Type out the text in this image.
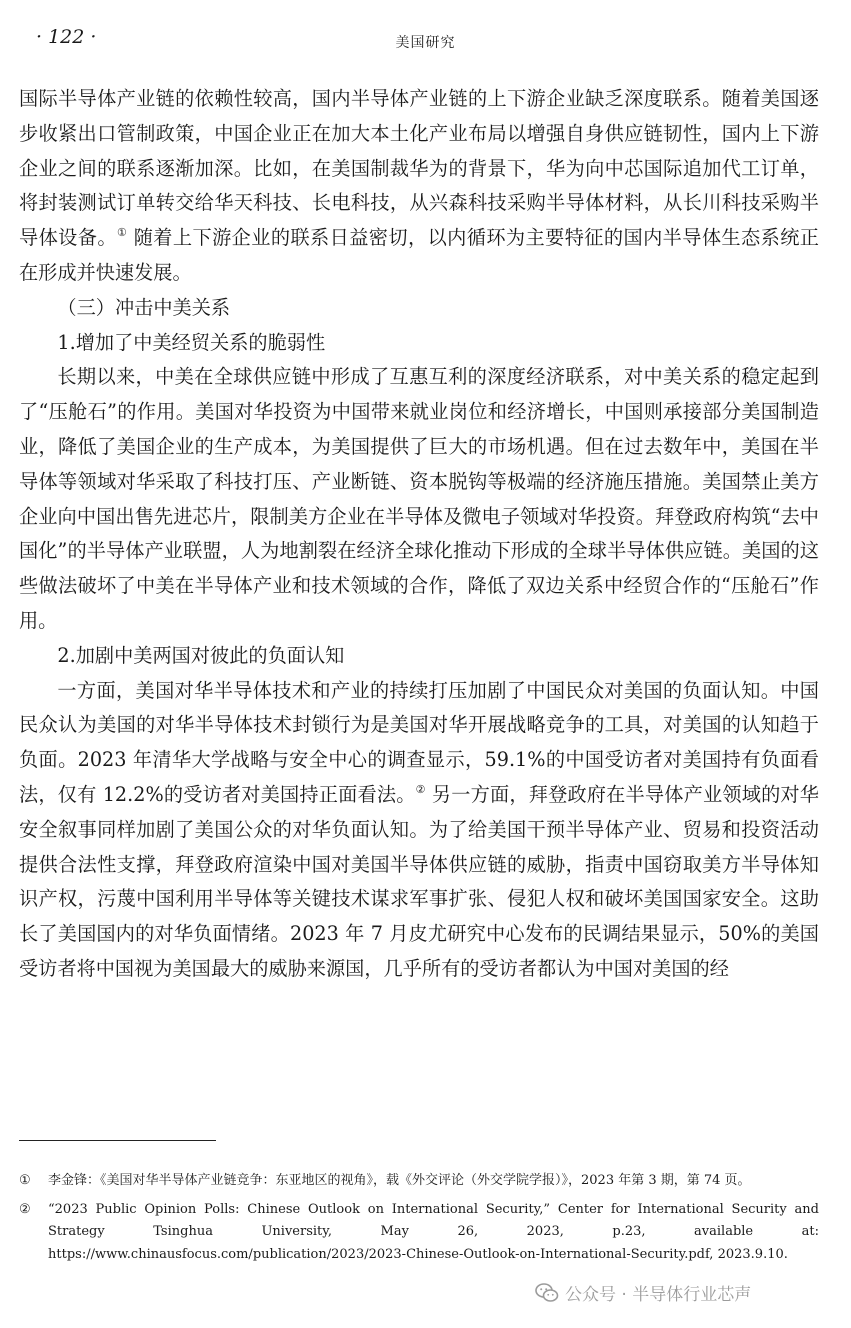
· 122 ·	美国研究

国际半导体产业链的依赖性较高，国内半导体产业链的上下游企业缺乏深度联系。随着美国逐步收紧出口管制政策，中国企业正在加大本土化产业布局以增强自身供应链韧性，国内上下游企业之间的联系逐渐加深。比如，在美国制裁华为的背景下，华为向中芯国际追加代工订单，将封装测试订单转交给华天科技、长电科技，从兴森科技采购半导体材料，从长川科技采购半导体设备。① 随着上下游企业的联系日益密切，以内循环为主要特征的国内半导体生态系统正在形成并快速发展。

（三）冲击中美关系

1.增加了中美经贸关系的脆弱性

长期以来，中美在全球供应链中形成了互惠互利的深度经济联系，对中美关系的稳定起到了“压舱石”的作用。美国对华投资为中国带来就业岗位和经济增长，中国则承接部分美国制造业，降低了美国企业的生产成本，为美国提供了巨大的市场机遇。但在过去数年中，美国在半导体等领域对华采取了科技打压、产业断链、资本脱钩等极端的经济施压措施。美国禁止美方企业向中国出售先进芯片，限制美方企业在半导体及微电子领域对华投资。拜登政府构筑“去中国化”的半导体产业联盟，人为地割裂在经济全球化推动下形成的全球半导体供应链。美国的这些做法破坏了中美在半导体产业和技术领域的合作，降低了双边关系中经贸合作的“压舱石”作用。

2.加剧中美两国对彼此的负面认知

一方面，美国对华半导体技术和产业的持续打压加剧了中国民众对美国的负面认知。中国民众认为美国的对华半导体技术封锁行为是美国对华开展战略竞争的工具，对美国的认知趋于负面。2023 年清华大学战略与安全中心的调查显示，59.1%的中国受访者对美国持有负面看法，仅有 12.2%的受访者对美国持正面看法。② 另一方面，拜登政府在半导体产业领域的对华安全叙事同样加剧了美国公众的对华负面认知。为了给美国干预半导体产业、贸易和投资活动提供合法性支撑，拜登政府渲染中国对美国半导体供应链的威胁，指责中国窃取美方半导体知识产权，污蔑中国利用半导体等关键技术谋求军事扩张、侵犯人权和破坏美国国家安全。这助长了美国国内的对华负面情绪。2023 年 7 月皮尤研究中心发布的民调结果显示，50%的美国受访者将中国视为美国最大的威胁来源国，几乎所有的受访者都认为中国对美国的经

① 李金锋：《美国对华半导体产业链竞争：东亚地区的视角》，载《外交评论（外交学院学报）》，2023 年第 3 期，第 74 页。
② “2023 Public Opinion Polls: Chinese Outlook on International Security,” Center for International Security and Strategy Tsinghua University, May 26, 2023, p.23, available at: https://www.chinausfocus.com/publication/2023/2023-Chinese-Outlook-on-International-Security.pdf, 2023.9.10.
公众号 · 半导体行业芯声
